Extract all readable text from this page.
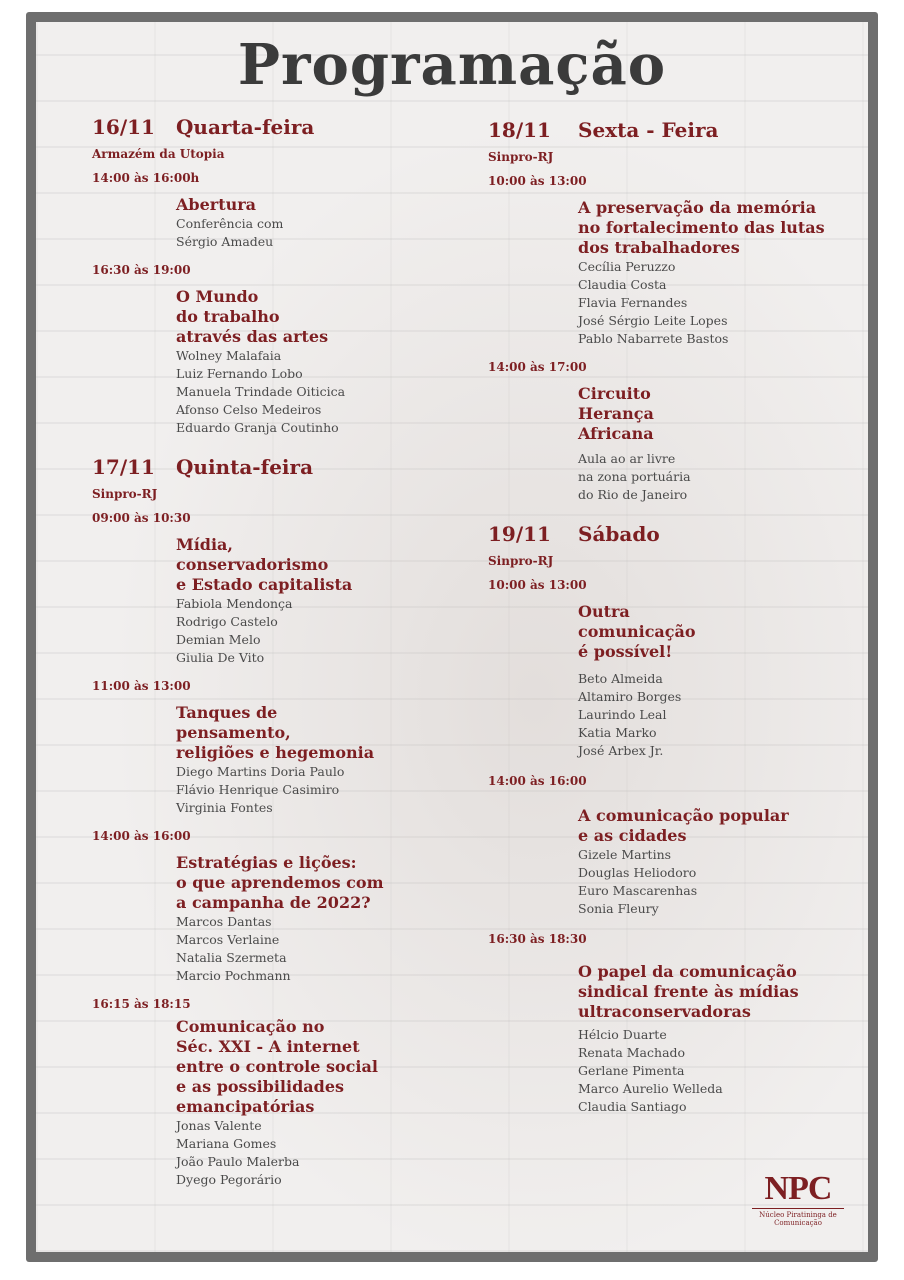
Programação
16/11	Quarta-feira
Armazém da Utopia
14:00 às 16:00h
Abertura
Conferência com
Sérgio Amadeu
16:30 às 19:00
O Mundo
do trabalho
através das artes
Wolney Malafaia
Luiz Fernando Lobo
Manuela Trindade Oiticica
Afonso Celso Medeiros
Eduardo Granja Coutinho
17/11	Quinta-feira
Sinpro-RJ
09:00 às 10:30
Mídia,
conservadorismo
e Estado capitalista
Fabiola Mendonça
Rodrigo Castelo
Demian Melo
Giulia De Vito
11:00 às 13:00
Tanques de
pensamento,
religiões e hegemonia
Diego Martins Doria Paulo
Flávio Henrique Casimiro
Virginia Fontes
14:00 às 16:00
Estratégias e lições:
o que aprendemos com
a campanha de 2022?
Marcos Dantas
Marcos Verlaine
Natalia Szermeta
Marcio Pochmann
16:15 às 18:15
Comunicação no
Séc. XXI - A internet
entre o controle social
e as possibilidades
emancipatórias
Jonas Valente
Mariana Gomes
João Paulo Malerba
Dyego Pegorário
18/11	Sexta - Feira
Sinpro-RJ
10:00 às 13:00
A preservação da memória
no fortalecimento das lutas
dos trabalhadores
Cecília Peruzzo
Claudia Costa
Flavia Fernandes
José Sérgio Leite Lopes
Pablo Nabarrete Bastos
14:00 às 17:00
Circuito
Herança
Africana
Aula ao ar livre
na zona portuária
do Rio de Janeiro
19/11	Sábado
Sinpro-RJ
10:00 às 13:00
Outra
comunicação
é possível!
Beto Almeida
Altamiro Borges
Laurindo Leal
Katia Marko
José Arbex Jr.
14:00 às 16:00
A comunicação popular
e as cidades
Gizele Martins
Douglas Heliodoro
Euro Mascarenhas
Sonia Fleury
16:30 às 18:30
O papel da comunicação
sindical frente às mídias
ultraconservadoras
Hélcio Duarte
Renata Machado
Gerlane Pimenta
Marco Aurelio Welleda
Claudia Santiago
NPC
Núcleo Piratininga de Comunicação
